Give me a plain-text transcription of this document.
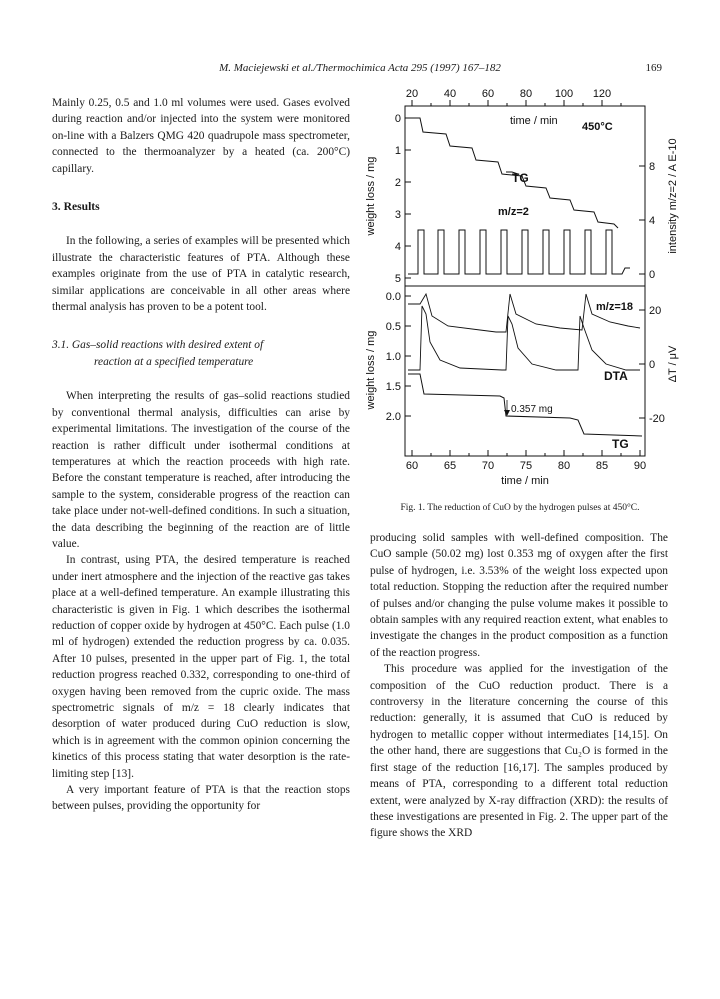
M. Maciejewski et al./Thermochimica Acta 295 (1997) 167–182	169

Mainly 0.25, 0.5 and 1.0 ml volumes were used. Gases evolved during reaction and/or injected into the system were monitored on-line with a Balzers QMG 420 quadrupole mass spectrometer, connected to the thermoanalyzer by a heated (ca. 200°C) capillary.

3. Results

In the following, a series of examples will be presented which illustrate the characteristic features of PTA. Although these examples originate from the use of PTA in catalytic research, similar applications are conceivable in all other areas where thermal analysis has proven to be a potent tool.

3.1. Gas–solid reactions with desired extent of
reaction at a specified temperature

When interpreting the results of gas–solid reactions studied by conventional thermal analysis, difficulties can arise by experimental limitations. The investigation of the course of the reaction is rather difficult under isothermal conditions at temperatures at which the reaction proceeds with high rate. Before the constant temperature is reached, after introducing the sample to the system, considerable progress of the reaction can take place under not-well-defined conditions. In such a situation, the data describing the beginning of the reaction are of little value.

In contrast, using PTA, the desired temperature is reached under inert atmosphere and the injection of the reactive gas takes place at a well-defined temperature. An example illustrating this characteristic is given in Fig. 1 which describes the isothermal reduction of copper oxide by hydrogen at 450°C. Each pulse (1.0 ml of hydrogen) extended the reduction progress by ca. 0.035. After 10 pulses, presented in the upper part of Fig. 1, the total reduction progress reached 0.332, corresponding to one-third of oxygen having been removed from the cupric oxide. The mass spectrometric signals of m/z = 18 clearly indicates that desorption of water produced during CuO reduction is slow, which is in agreement with the common opinion concerning the kinetics of this process stating that water desorption is the rate-limiting step [13].

A very important feature of PTA is that the reaction stops between pulses, providing the opportunity for

20 40 60 80 100 120
0
1
2
3
4
5
8
4
0
weight loss / mg	intensity m/z=2 / A E-10
time / min 450°C
TG
m/z=2
0.0
0.5
1.0
1.5
2.0
20
0
-20
60 65 70 75 80 85 90
time / min
weight loss / mg	ΔT / μV
m/z=18
DTA
0.357 mg
TG
Fig. 1. The reduction of CuO by the hydrogen pulses at 450°C.

producing solid samples with well-defined composition. The CuO sample (50.02 mg) lost 0.353 mg of oxygen after the first pulse of hydrogen, i.e. 3.53% of the weight loss expected upon total reduction. Stopping the reduction after the required number of pulses and/or changing the pulse volume makes it possible to obtain samples with any required reaction extent, what enables to investigate the changes in the product composition as a function of the reaction progress.

This procedure was applied for the investigation of the composition of the CuO reduction product. There is a controversy in the literature concerning the course of this reduction: generally, it is assumed that CuO is reduced by hydrogen to metallic copper without intermediates [14,15]. On the other hand, there are suggestions that Cu₂O is formed in the first stage of the reduction [16,17]. The samples produced by means of PTA, corresponding to a different total reduction extent, were analyzed by X-ray diffraction (XRD): the results of these investigations are presented in Fig. 2. The upper part of the figure shows the XRD
